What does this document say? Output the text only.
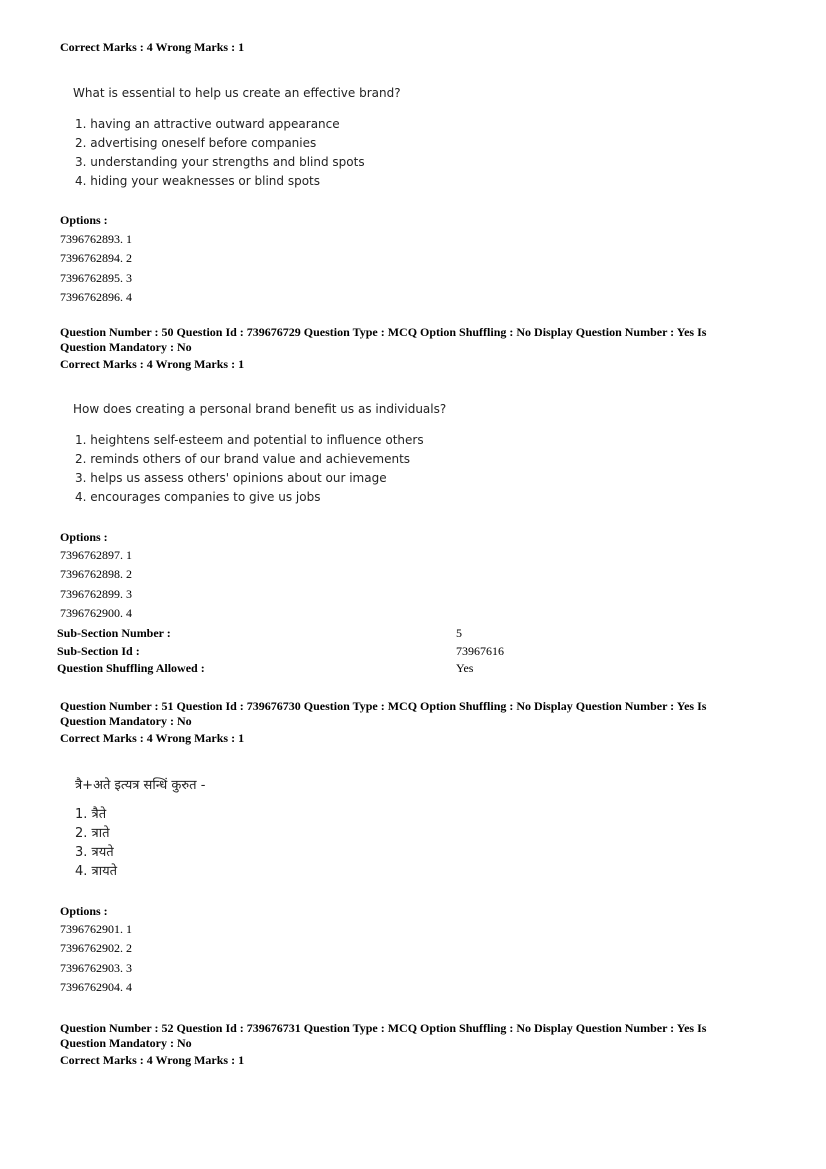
Correct Marks : 4 Wrong Marks : 1
What is essential to help us create an effective brand?
1. having an attractive outward appearance
2. advertising oneself before companies
3. understanding your strengths and blind spots
4. hiding your weaknesses or blind spots
Options :
7396762893. 1
7396762894. 2
7396762895. 3
7396762896. 4
Question Number : 50 Question Id : 739676729 Question Type : MCQ Option Shuffling : No Display Question Number : Yes Is
Question Mandatory : No
Correct Marks : 4 Wrong Marks : 1
How does creating a personal brand benefit us as individuals?
1. heightens self-esteem and potential to influence others
2. reminds others of our brand value and achievements
3. helps us assess others' opinions about our image
4. encourages companies to give us jobs
Options :
7396762897. 1
7396762898. 2
7396762899. 3
7396762900. 4
Sub-Section Number :	5
Sub-Section Id :	73967616
Question Shuffling Allowed :	Yes
Question Number : 51 Question Id : 739676730 Question Type : MCQ Option Shuffling : No Display Question Number : Yes Is
Question Mandatory : No
Correct Marks : 4 Wrong Marks : 1
त्रै+अते इत्यत्र सन्धिं कुरुत -
1. त्रैते
2. त्राते
3. त्रयते
4. त्रायते
Options :
7396762901. 1
7396762902. 2
7396762903. 3
7396762904. 4
Question Number : 52 Question Id : 739676731 Question Type : MCQ Option Shuffling : No Display Question Number : Yes Is
Question Mandatory : No
Correct Marks : 4 Wrong Marks : 1
